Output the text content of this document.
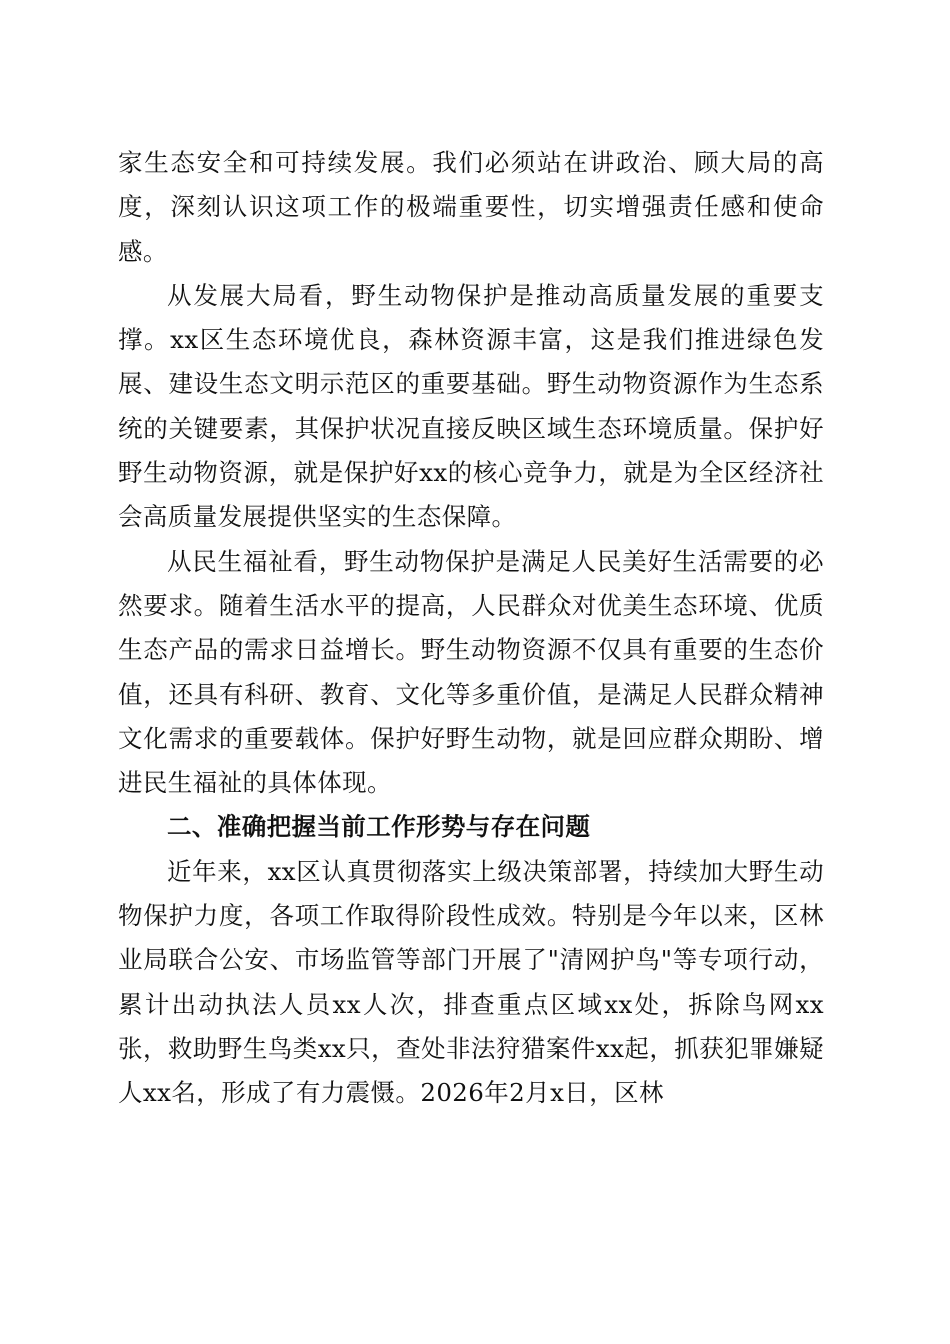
家生态安全和可持续发展。我们必须站在讲政治、顾大局的高度，深刻认识这项工作的极端重要性，切实增强责任感和使命感。

从发展大局看，野生动物保护是推动高质量发展的重要支撑。xx区生态环境优良，森林资源丰富，这是我们推进绿色发展、建设生态文明示范区的重要基础。野生动物资源作为生态系统的关键要素，其保护状况直接反映区域生态环境质量。保护好野生动物资源，就是保护好xx的核心竞争力，就是为全区经济社会高质量发展提供坚实的生态保障。

从民生福祉看，野生动物保护是满足人民美好生活需要的必然要求。随着生活水平的提高，人民群众对优美生态环境、优质生态产品的需求日益增长。野生动物资源不仅具有重要的生态价值，还具有科研、教育、文化等多重价值，是满足人民群众精神文化需求的重要载体。保护好野生动物，就是回应群众期盼、增进民生福祉的具体体现。

二、准确把握当前工作形势与存在问题

近年来，xx区认真贯彻落实上级决策部署，持续加大野生动物保护力度，各项工作取得阶段性成效。特别是今年以来，区林业局联合公安、市场监管等部门开展了"清网护鸟"等专项行动，累计出动执法人员xx人次，排查重点区域xx处，拆除鸟网xx张，救助野生鸟类xx只，查处非法狩猎案件xx起，抓获犯罪嫌疑人xx名，形成了有力震慑。2026年2月x日，区林
